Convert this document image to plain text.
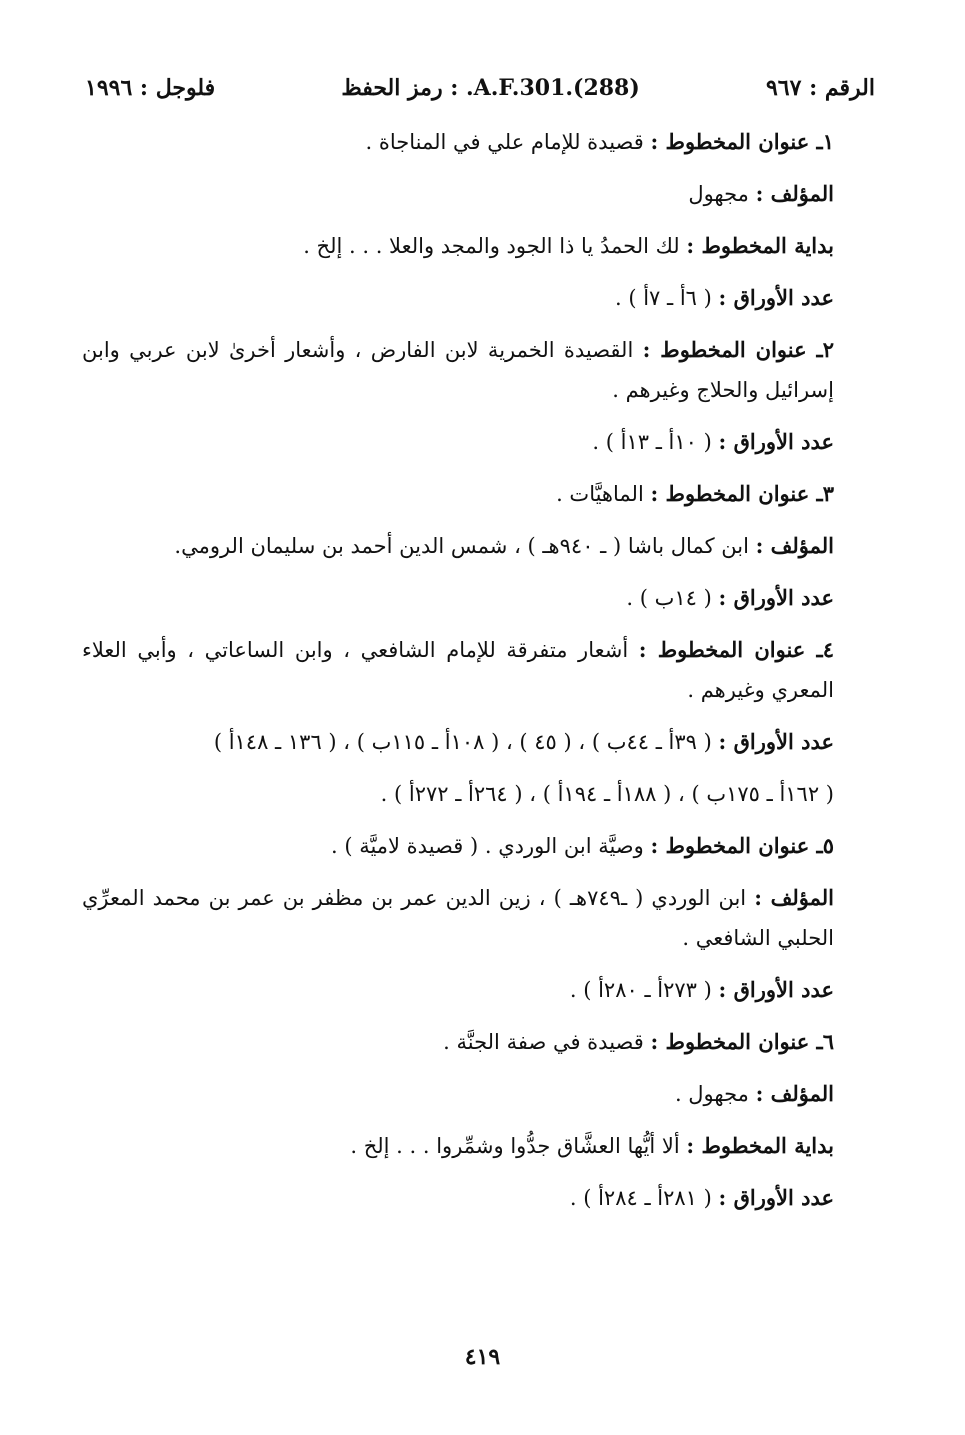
الرقم : ٩٦٧
رمز الحفظ : .A.F.301.(288)
فلوجل : ١٩٩٦
١ـ عنوان المخطوط : قصيدة للإمام علي في المناجاة .
المؤلف : مجهول
بداية المخطوط : لك الحمدُ يا ذا الجود والمجد والعلا . . . إلخ .
عدد الأوراق : ( ٦أ ـ ٧أ ) .
٢ـ عنوان المخطوط : القصيدة الخمرية لابن الفارض ، وأشعار أخرىٰ لابن عربي وابن إسرائيل والحلاج وغيرهم .
عدد الأوراق : ( ١٠أ ـ ١٣أ ) .
٣ـ عنوان المخطوط : الماهيَّات .
المؤلف : ابن كمال باشا ( ـ ٩٤٠هـ ) ، شمس الدين أحمد بن سليمان الرومي.
عدد الأوراق : ( ١٤ب ) .
٤ـ عنوان المخطوط : أشعار متفرقة للإمام الشافعي ، وابن الساعاتي ، وأبي العلاء المعري وغيرهم .
عدد الأوراق : ( ٣٩أ ـ ٤٤ب ) ، ( ٤٥ ) ، ( ١٠٨أ ـ ١١٥ب ) ، ( ١٣٦ ـ ١٤٨أ )
( ١٦٢أ ـ ١٧٥ب ) ، ( ١٨٨أ ـ ١٩٤أ ) ، ( ٢٦٤أ ـ ٢٧٢أ ) .
٥ـ عنوان المخطوط : وصيَّة ابن الوردي . ( قصيدة لاميَّة ) .
المؤلف : ابن الوردي ( ـ٧٤٩هـ ) ، زين الدين عمر بن مظفر بن عمر بن محمد المعرِّي الحلبي الشافعي .
عدد الأوراق : ( ٢٧٣أ ـ ٢٨٠أ ) .
٦ـ عنوان المخطوط : قصيدة في صفة الجنَّة .
المؤلف : مجهول .
بداية المخطوط : ألا أيُّها العشَّاق جدُّوا وشمِّروا . . . إلخ .
عدد الأوراق : ( ٢٨١أ ـ ٢٨٤أ ) .
٤١٩
